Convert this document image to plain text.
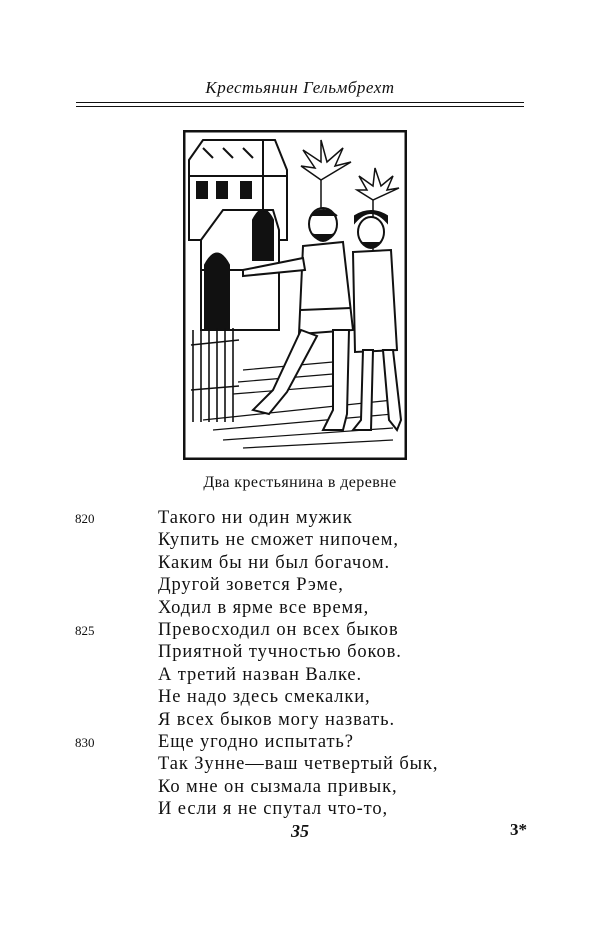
Крестьянин Гельмбрехт
Два крестьянина в деревне
820	Такого ни один мужик
Купить не сможет нипочем,
Каким бы ни был богачом.
Другой зовется Рэме,
Ходил в ярме все время,
825	Превосходил он всех быков
Приятной тучностью боков.
А третий назван Валке.
Не надо здесь смекалки,
Я всех быков могу назвать.
830	Еще угодно испытать?
Так Зунне—ваш четвертый бык,
Ко мне он сызмала привык,
И если я не спутал что-то,
35	3*
